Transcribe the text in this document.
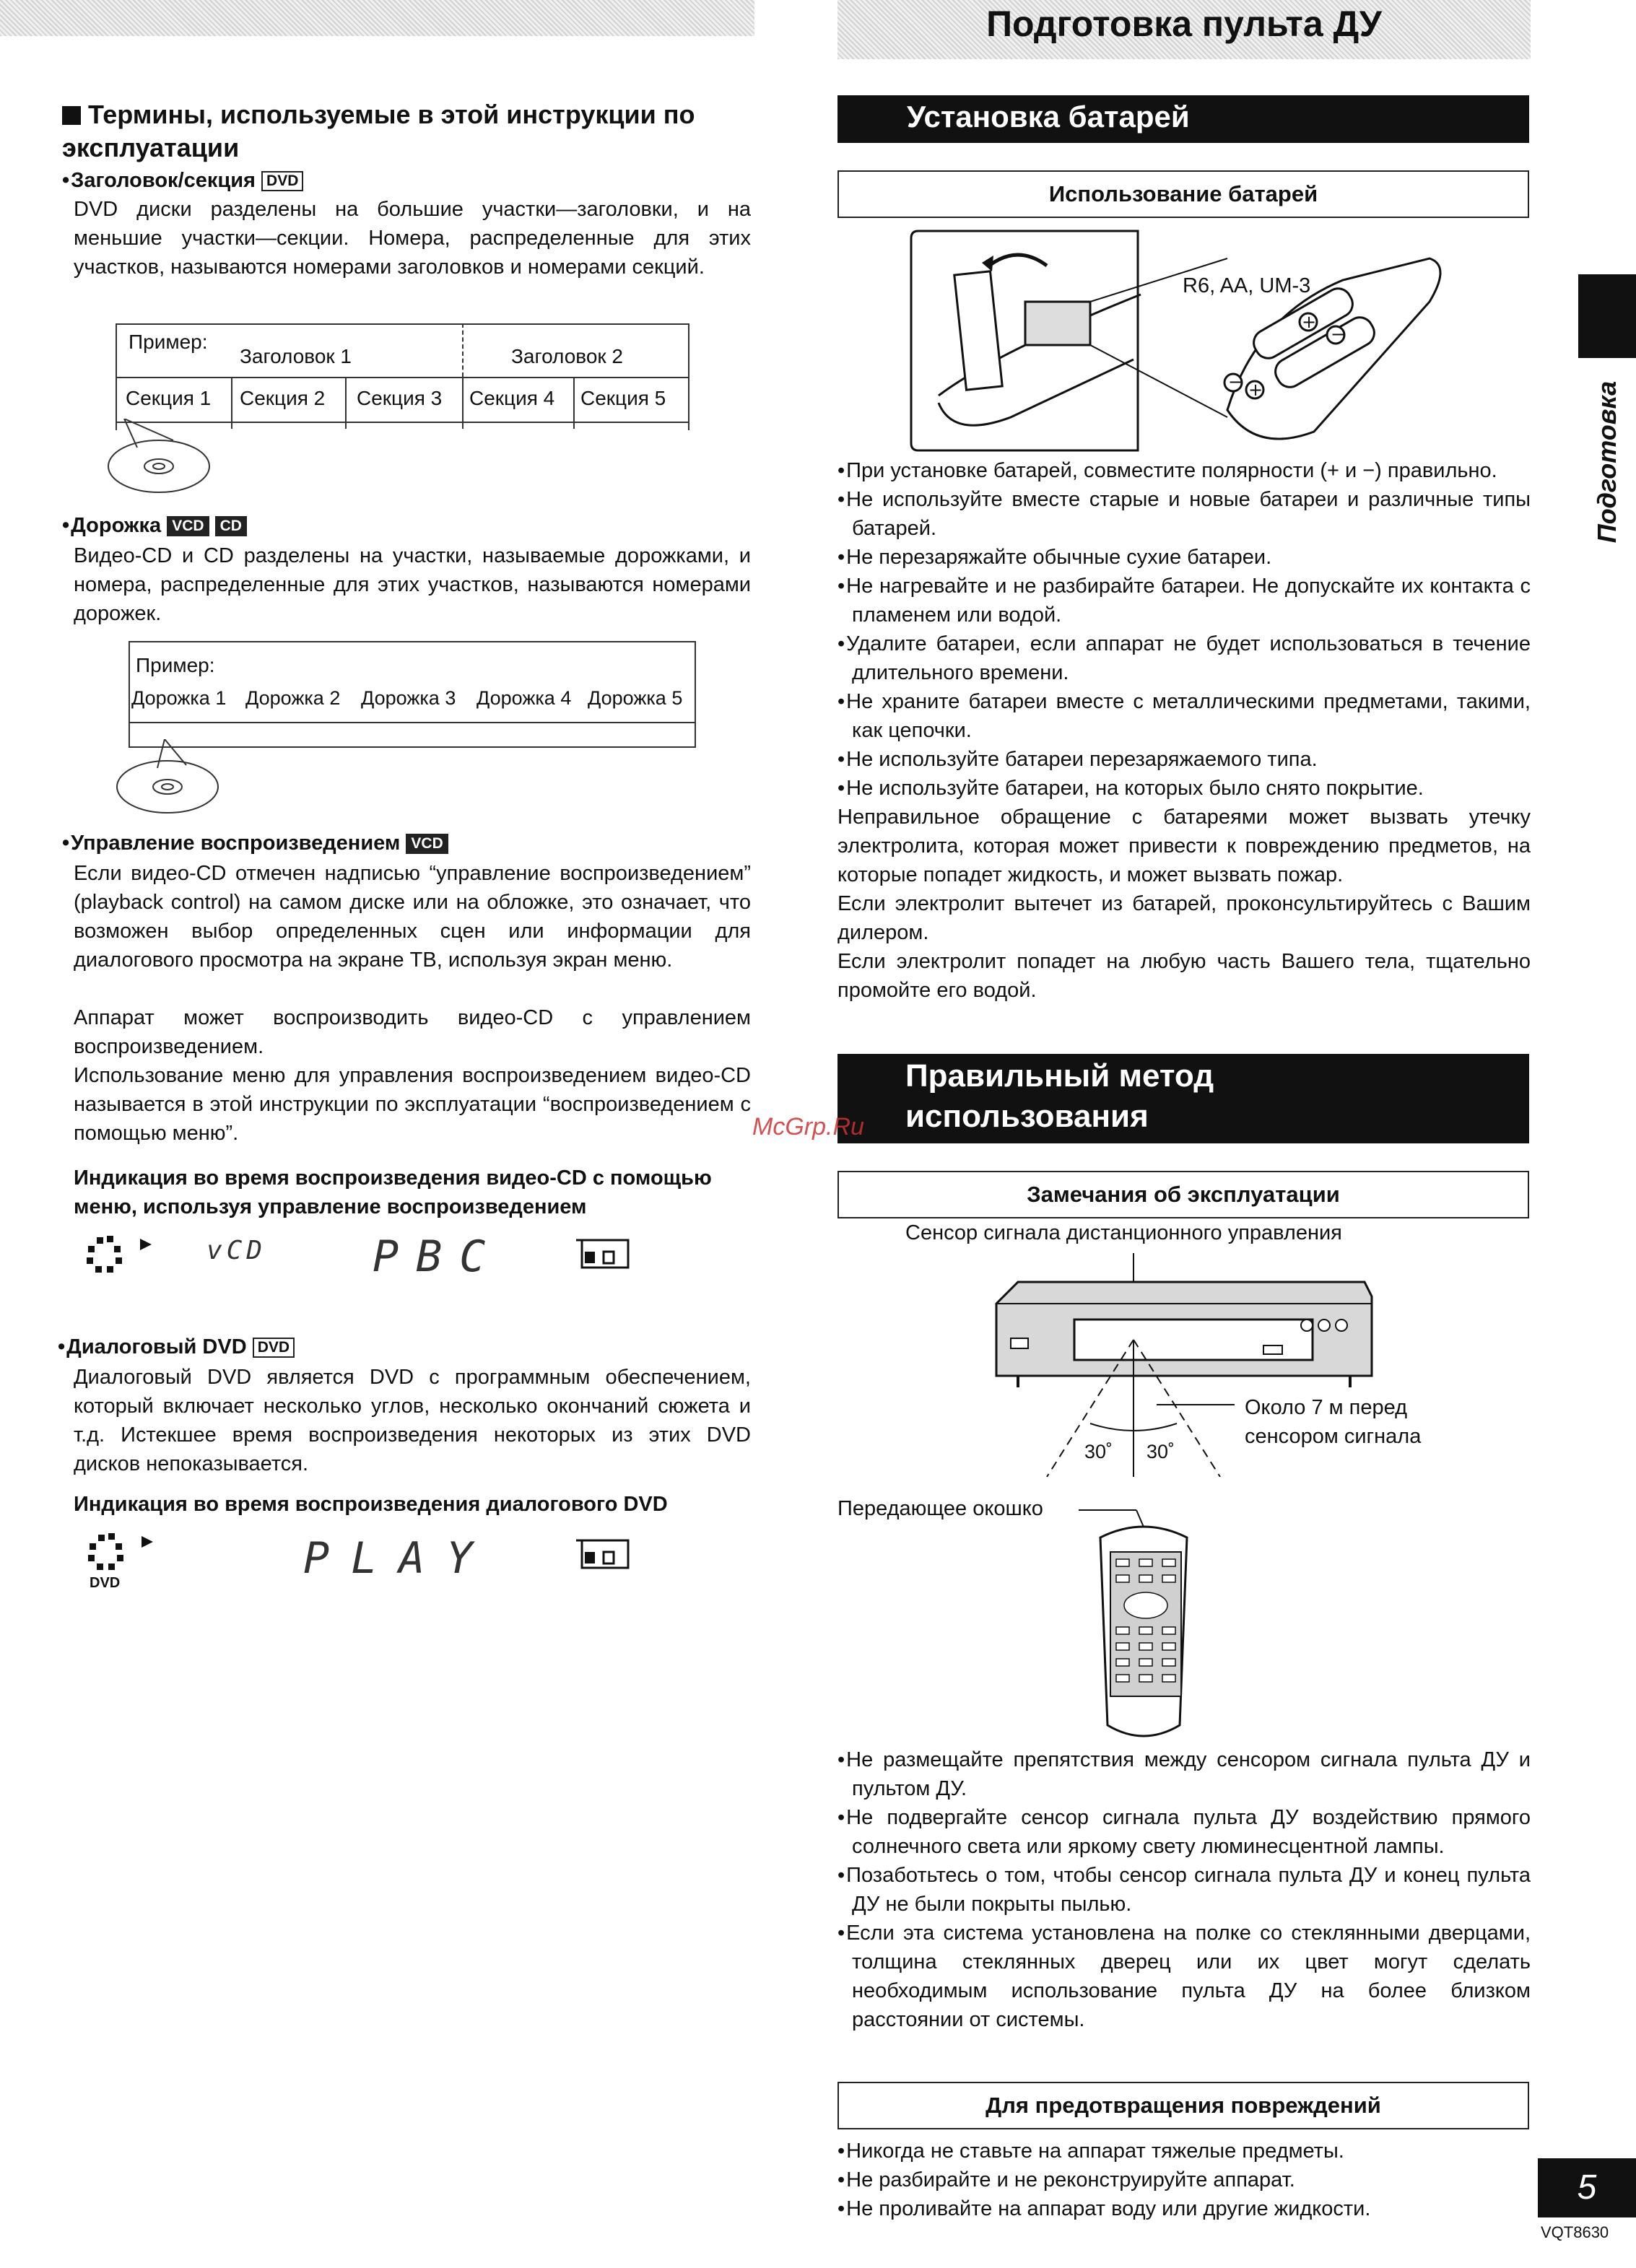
Подготовка пульта ДУ
Термины, используемые в этой инструкции по эксплуатации
• Заголовок/секция DVD
DVD диски разделены на большие участки—заголовки, и на меньшие участки—секции. Номера, распределенные для этих участков, называются номерами заголовков и номерами секций.
Пример:
Заголовок 1	Заголовок 2
Секция 1 Секция 2 Секция 3 Секция 4 Секция 5
• Дорожка VCD CD
Видео-CD и CD разделены на участки, называемые дорожками, и номера, распределенные для этих участков, называются номерами дорожек.
Пример:
Дорожка 1 Дорожка 2 Дорожка 3 Дорожка 4 Дорожка 5
• Управление воспроизведением VCD
Если видео-CD отмечен надписью “управление воспроизведением” (playback control) на самом диске или на обложке, это означает, что возможен выбор определенных сцен или информации для диалогового просмотра на экране ТВ, используя экран меню.
Аппарат может воспроизводить видео-CD с управлением воспроизведением.
Использование меню для управления воспроизведением видео-CD называется в этой инструкции по эксплуатации “воспроизведением с помощью меню”.
Индикация во время воспроизведения видео-CD с помощью меню, используя управление воспроизведением
vCD PBC
• Диалоговый DVD DVD
Диалоговый DVD является DVD с программным обеспечением, который включает несколько углов, несколько окончаний сюжета и т.д. Истекшее время воспроизведения некоторых из этих DVD дисков непоказывается.
Индикация во время воспроизведения диалогового DVD
DVD	PLAY
Установка батарей
Использование батарей
+
−
− +
R6, AA, UM-3
• При установке батарей, совместите полярности (+ и −) правильно.
• Не используйте вместе старые и новые батареи и различные типы батарей.
• Не перезаряжайте обычные сухие батареи.
• Не нагревайте и не разбирайте батареи. Не допускайте их контакта с пламенем или водой.
• Удалите батареи, если аппарат не будет использоваться в течение длительного времени.
• Не храните батареи вместе с металлическими предметами, такими, как цепочки.
• Не используйте батареи перезаряжаемого типа.
• Не используйте батареи, на которых было снято покрытие.
Неправильное обращение с батареями может вызвать утечку электролита, которая может привести к повреждению предметов, на которые попадет жидкость, и может вызвать пожар.
Если электролит вытечет из батарей, проконсультируйтесь с Вашим дилером.
Если электролит попадет на любую часть Вашего тела, тщательно промойте его водой.
Правильный метод
использования
McGrp.Ru
Замечания об эксплуатации
Сенсор сигнала дистанционного управления
Около 7 м перед
сенсором сигнала
30˚ 30˚
Передающее окошко
• Не размещайте препятствия между сенсором сигнала пульта ДУ и пультом ДУ.
• Не подвергайте сенсор сигнала пульта ДУ воздействию прямого солнечного света или яркому свету люминесцентной лампы.
• Позаботьтесь о том, чтобы сенсор сигнала пульта ДУ и конец пульта ДУ не были покрыты пылью.
• Если эта система установлена на полке со стеклянными дверцами, толщина стеклянных дверец или их цвет могут сделать необходимым использование пульта ДУ на более близком расстоянии от системы.
Для предотвращения повреждений
• Никогда не ставьте на аппарат тяжелые предметы.
• Не разбирайте и не реконструируйте аппарат.
• Не проливайте на аппарат воду или другие жидкости.
Подготовка
5
VQT8630
